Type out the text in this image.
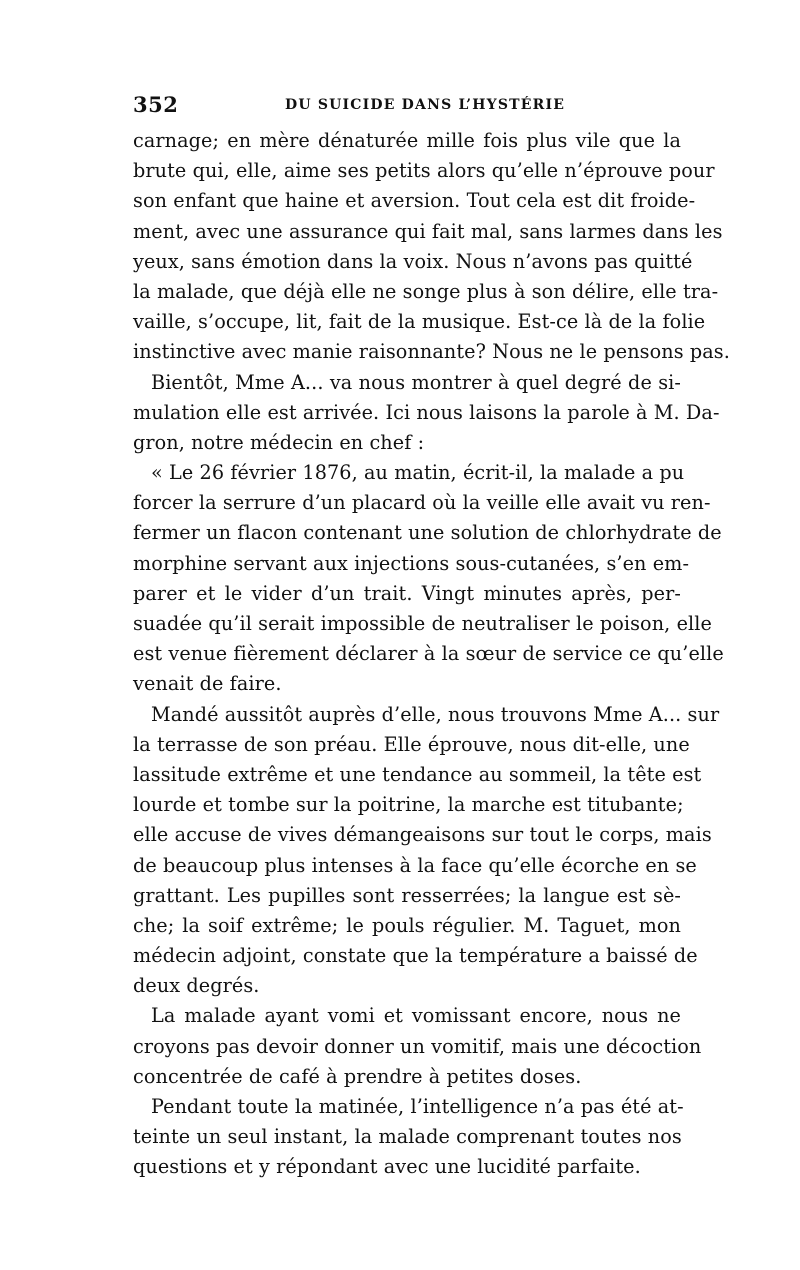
352	DU SUICIDE DANS L’HYSTÉRIE
carnage; en mère dénaturée mille fois plus vile que la
brute qui, elle, aime ses petits alors qu’elle n’éprouve pour
son enfant que haine et aversion. Tout cela est dit froide-
ment, avec une assurance qui fait mal, sans larmes dans les
yeux, sans émotion dans la voix. Nous n’avons pas quitté
la malade, que déjà elle ne songe plus à son délire, elle tra-
vaille, s’occupe, lit, fait de la musique. Est-ce là de la folie
instinctive avec manie raisonnante? Nous ne le pensons pas.
Bientôt, Mme A... va nous montrer à quel degré de si-
mulation elle est arrivée. Ici nous laisons la parole à M. Da-
gron, notre médecin en chef :
« Le 26 février 1876, au matin, écrit-il, la malade a pu
forcer la serrure d’un placard où la veille elle avait vu ren-
fermer un flacon contenant une solution de chlorhydrate de
morphine servant aux injections sous-cutanées, s’en em-
parer et le vider d’un trait. Vingt minutes après, per-
suadée qu’il serait impossible de neutraliser le poison, elle
est venue fièrement déclarer à la sœur de service ce qu’elle
venait de faire.
Mandé aussitôt auprès d’elle, nous trouvons Mme A... sur
la terrasse de son préau. Elle éprouve, nous dit-elle, une
lassitude extrême et une tendance au sommeil, la tête est
lourde et tombe sur la poitrine, la marche est titubante;
elle accuse de vives démangeaisons sur tout le corps, mais
de beaucoup plus intenses à la face qu’elle écorche en se
grattant. Les pupilles sont resserrées; la langue est sè-
che; la soif extrême; le pouls régulier. M. Taguet, mon
médecin adjoint, constate que la température a baissé de
deux degrés.
La malade ayant vomi et vomissant encore, nous ne
croyons pas devoir donner un vomitif, mais une décoction
concentrée de café à prendre à petites doses.
Pendant toute la matinée, l’intelligence n’a pas été at-
teinte un seul instant, la malade comprenant toutes nos
questions et y répondant avec une lucidité parfaite.
